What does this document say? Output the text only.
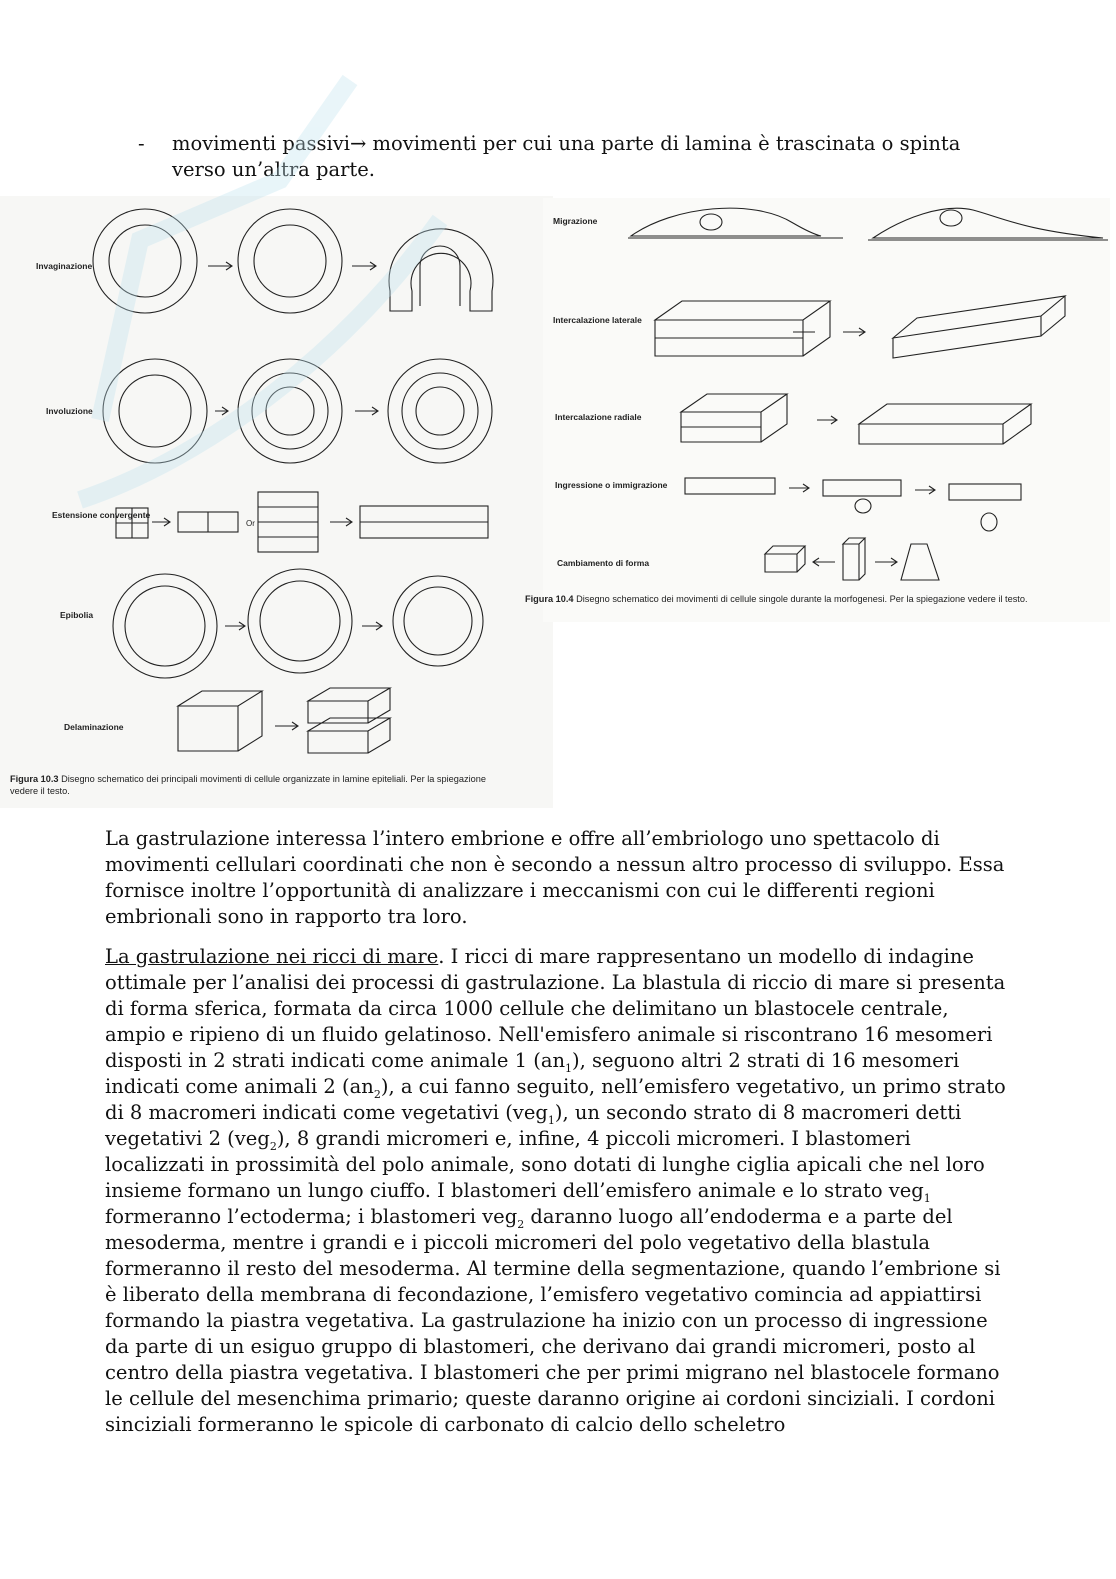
-	movimenti passivi→ movimenti per cui una parte di lamina è trascinata o spinta verso un’altra parte.
Invaginazione
Involuzione
Estensione convergente
Epibolia
Delaminazione
Or
Figura 10.3 Disegno schematico dei principali movimenti di cellule organizzate in lamine epiteliali. Per la spiegazione
vedere il testo.
Migrazione
Intercalazione laterale
Intercalazione radiale
Ingressione o immigrazione
Cambiamento di forma
Figura 10.4 Disegno schematico dei movimenti di cellule singole durante la morfogenesi. Per la spiegazione vedere il testo.
La gastrulazione interessa l’intero embrione e offre all’embriologo uno spettacolo di movimenti cellulari coordinati che non è secondo a nessun altro processo di sviluppo. Essa fornisce inoltre l’opportunità di analizzare i meccanismi con cui le differenti regioni embrionali sono in rapporto tra loro.
La gastrulazione nei ricci di mare. I ricci di mare rappresentano un modello di indagine ottimale per l’analisi dei processi di gastrulazione. La blastula di riccio di mare si presenta di forma sferica, formata da circa 1000 cellule che delimitano un blastocele centrale, ampio e ripieno di un fluido gelatinoso. Nell'emisfero animale si riscontrano 16 mesomeri disposti in 2 strati indicati come animale 1 $(an_1)$, seguono altri 2 strati di 16 mesomeri indicati come animali 2 $(an_2)$, a cui fanno seguito, nell’emisfero vegetativo, un primo strato di 8 macromeri indicati come vegetativi (veg$_1$), un secondo strato di 8 macromeri detti vegetativi 2 (veg$_2$), 8 grandi micromeri e, infine, 4 piccoli micromeri. I blastomeri localizzati in prossimità del polo animale, sono dotati di lunghe ciglia apicali che nel loro insieme formano un lungo ciuffo. I blastomeri dell’emisfero animale e lo strato veg$_1$ formeranno l’ectoderma; i blastomeri veg$_2$ daranno luogo all’endoderma e a parte del mesoderma, mentre i grandi e i piccoli micromeri del polo vegetativo della blastula formeranno il resto del mesoderma. Al termine della segmentazione, quando l’embrione si è liberato della membrana di fecondazione, l’emisfero vegetativo comincia ad appiattirsi formando la piastra vegetativa. La gastrulazione ha inizio con un processo di ingressione da parte di un esiguo gruppo di blastomeri, che derivano dai grandi micromeri, posto al centro della piastra vegetativa. I blastomeri che per primi migrano nel blastocele formano le cellule del mesenchima primario; queste daranno origine ai cordoni sinciziali. I cordoni sinciziali formeranno le spicole di carbonato di calcio dello scheletro
